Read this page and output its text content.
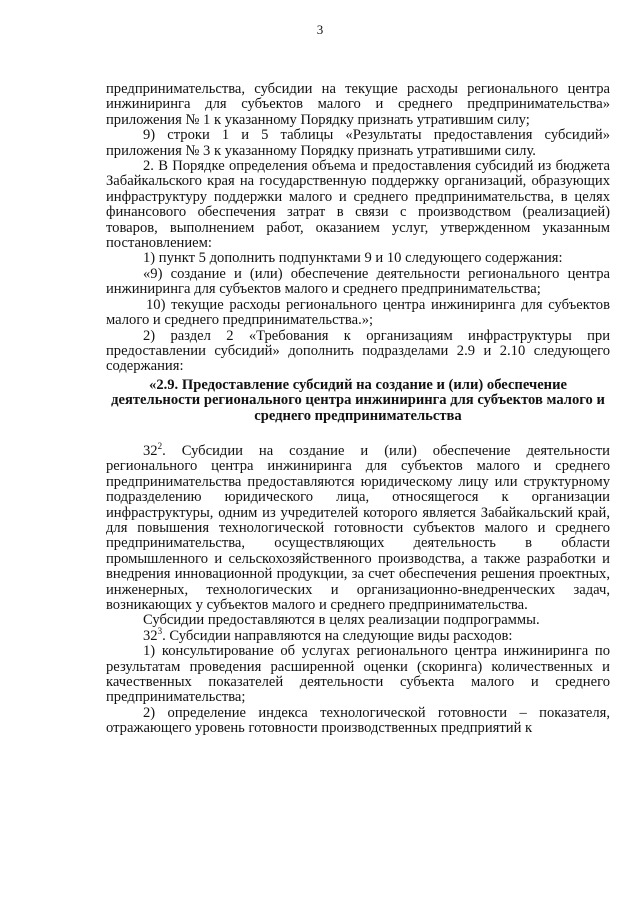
3

предпринимательства, субсидии на текущие расходы регионального центра инжиниринга для субъектов малого и среднего предпринимательства» приложения № 1 к указанному Порядку признать утратившим силу;

9) строки 1 и 5 таблицы «Результаты предоставления субсидий» приложения № 3 к указанному Порядку признать утратившими силу.

2. В Порядке определения объема и предоставления субсидий из бюджета Забайкальского края на государственную поддержку организаций, образующих инфраструктуру поддержки малого и среднего предпринимательства, в целях финансового обеспечения затрат в связи с производством (реализацией) товаров, выполнением работ, оказанием услуг, утвержденном указанным постановлением:

1) пункт 5 дополнить подпунктами 9 и 10 следующего содержания:

«9) создание и (или) обеспечение деятельности регионального центра инжиниринга для субъектов малого и среднего предпринимательства;

10) текущие расходы регионального центра инжиниринга для субъектов малого и среднего предпринимательства.»;

2) раздел 2 «Требования к организациям инфраструктуры при предоставлении субсидий» дополнить подразделами 2.9 и 2.10 следующего содержания:

«2.9. Предоставление субсидий на создание и (или) обеспечение деятельности регионального центра инжиниринга для субъектов малого и среднего предпринимательства

$32^2$. Субсидии на создание и (или) обеспечение деятельности регионального центра инжиниринга для субъектов малого и среднего предпринимательства предоставляются юридическому лицу или структурному подразделению юридического лица, относящегося к организации инфраструктуры, одним из учредителей которого является Забайкальский край, для повышения технологической готовности субъектов малого и среднего предпринимательства, осуществляющих деятельность в области промышленного и сельскохозяйственного производства, а также разработки и внедрения инновационной продукции, за счет обеспечения решения проектных, инженерных, технологических и организационно-внедренческих задач, возникающих у субъектов малого и среднего предпринимательства.

Субсидии предоставляются в целях реализации подпрограммы.

$32^3$. Субсидии направляются на следующие виды расходов:

1) консультирование об услугах регионального центра инжиниринга по результатам проведения расширенной оценки (скоринга) количественных и качественных показателей деятельности субъекта малого и среднего предпринимательства;

2) определение индекса технологической готовности – показателя, отражающего уровень готовности производственных предприятий к
